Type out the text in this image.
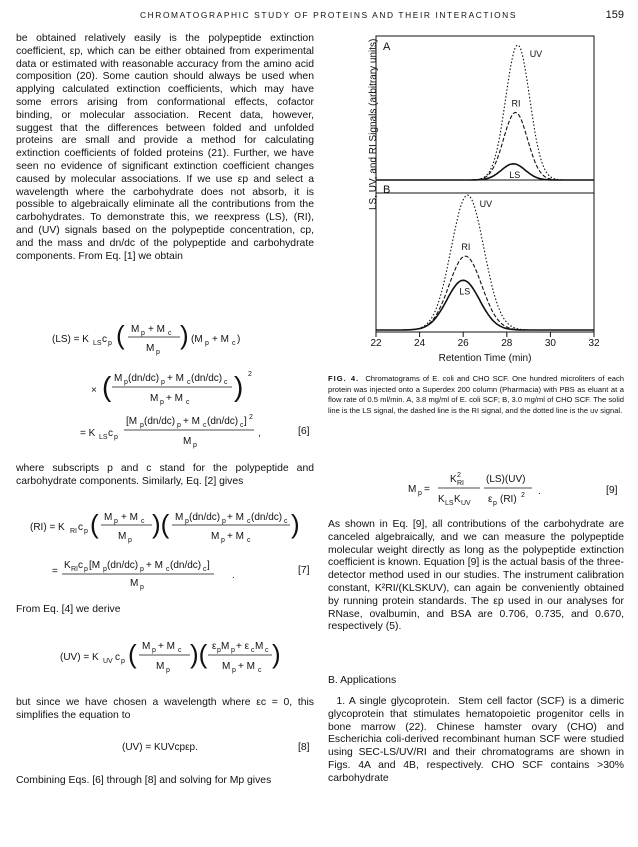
CHROMATOGRAPHIC STUDY OF PROTEINS AND THEIR INTERACTIONS	159

be obtained relatively easily is the polypeptide extinction coefficient, εp, which can be either obtained from experimental data or estimated with reasonable accuracy from the amino acid composition (20). Some caution should always be used when applying calculated extinction coefficients, which may have some errors arising from conformational effects, cofactor binding, or molecular association. Recent data, however, suggest that the differences between folded and unfolded proteins are small and provide a method for calculating extinction coefficients of folded proteins (21). Further, we have seen no evidence of significant extinction coefficient changes caused by molecular associations. If we use εp and select a wavelength where the carbohydrate does not absorb, it is possible to algebraically eliminate all the contributions from the carbohydrates. To demonstrate this, we reexpress (LS), (RI), and (UV) signals based on the polypeptide concentration, cp, and the mass and dn/dc of the polypeptide and carbohydrate components. From Eq. [1] we obtain

(LS) = K LS c p ( M p + M c
M p
) (M p + M c )
× ( M p (dn/dc) p + M c (dn/dc) c
M p + M c
) 2
= K LS c p
[M p (dn/dc) p + M c (dn/dc) c ] 2
M p
,	[6]
where subscripts p and c stand for the polypeptide and carbohydrate components. Similarly, Eq. [2] gives
(RI) = K RI c p ( M p + M c
M p
)( M p (dn/dc) p + M c (dn/dc) c
M p + M c
)
=
K RI c p [M p (dn/dc) p + M c (dn/dc) c ]
M p
.	[7]
From Eq. [4] we derive
(UV) = K UV c p ( M p + M c
M p
)( ε p M p + ε c M c
M p + M c
)
but since we have chosen a wavelength where εc = 0, this simplifies the equation to
(UV) = KUVcpεp.	[8]
Combining Eqs. [6] through [8] and solving for Mp gives
LS, UV, and RI Signals (arbitrary units) A
B
UV
RI
LS
UV
RI
LS
22	24	26	28	30	32
Retention Time (min)
FIG. 4. Chromatograms of E. coli and CHO SCF. One hundred microliters of each protein was injected onto a Superdex 200 column (Pharmacia) with PBS as eluant at a flow rate of 0.5 ml/min. A, 3.8 mg/ml of E. coli SCF; B, 3.0 mg/ml of CHO SCF. The solid line is the LS signal, the dashed line is the RI signal, and the dotted line is the uv signal.
M p =
K 2
RI
K LS K UV
(LS)(UV)
ε p (RI) 2 .	[9]
As shown in Eq. [9], all contributions of the carbohydrate are canceled algebraically, and we can measure the polypeptide molecular weight directly as long as the polypeptide extinction coefficient is known. Equation [9] is the actual basis of the three-detector method used in our studies. The instrument calibration constant, K²RI/(KLSKUV), can again be conveniently obtained by running protein standards. The εp used in our analyses for RNase, ovalbumin, and BSA are 0.706, 0.735, and 0.670, respectively (5).
B. Applications
1. A single glycoprotein. Stem cell factor (SCF) is a dimeric glycoprotein that stimulates hematopoietic progenitor cells in bone marrow (22). Chinese hamster ovary (CHO) and Escherichia coli-derived recombinant human SCF were studied using SEC-LS/UV/RI and their chromatograms are shown in Figs. 4A and 4B, respectively. CHO SCF contains >30% carbohydrate
